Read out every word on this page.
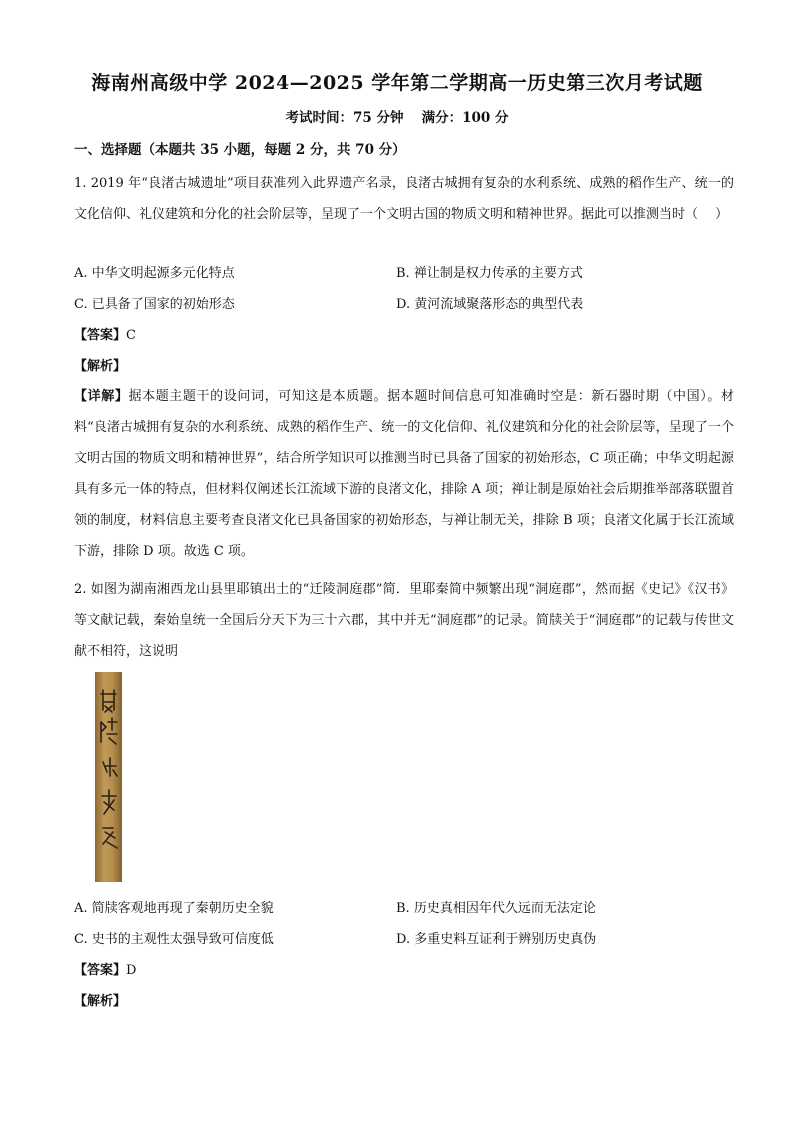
海南州高级中学 2024—2025 学年第二学期高一历史第三次月考试题
考试时间：75 分钟　 满分：100 分
一、选择题（本题共 35 小题，每题 2 分，共 70 分）
1. 2019 年“良渚古城遗址”项目获准列入此界遗产名录，良渚古城拥有复杂的水利系统、成熟的稻作生产、统一的文化信仰、礼仪建筑和分化的社会阶层等，呈现了一个文明古国的物质文明和精神世界。据此可以推测当时（　 ）
A. 中华文明起源多元化特点	B. 禅让制是权力传承的主要方式
C. 已具备了国家的初始形态	D. 黄河流域聚落形态的典型代表
【答案】C
【解析】
【详解】据本题主题干的设问词，可知这是本质题。据本题时间信息可知准确时空是：新石器时期（中国）。材料“良渚古城拥有复杂的水利系统、成熟的稻作生产、统一的文化信仰、礼仪建筑和分化的社会阶层等，呈现了一个文明古国的物质文明和精神世界”，结合所学知识可以推测当时已具备了国家的初始形态，C 项正确；中华文明起源具有多元一体的特点，但材料仅阐述长江流域下游的良渚文化，排除 A 项；禅让制是原始社会后期推举部落联盟首领的制度，材料信息主要考查良渚文化已具备国家的初始形态，与禅让制无关，排除 B 项；良渚文化属于长江流域下游，排除 D 项。故选 C 项。
2. 如图为湖南湘西龙山县里耶镇出土的“迁陵洞庭郡”简．里耶秦简中频繁出现“洞庭郡”，然而据《史记》《汉书》等文献记载，秦始皇统一全国后分天下为三十六郡，其中并无“洞庭郡”的记录。简牍关于“洞庭郡”的记载与传世文献不相符，这说明
A. 简牍客观地再现了秦朝历史全貌	B. 历史真相因年代久远而无法定论
C. 史书的主观性太强导致可信度低	D. 多重史料互证利于辨别历史真伪
【答案】D
【解析】
